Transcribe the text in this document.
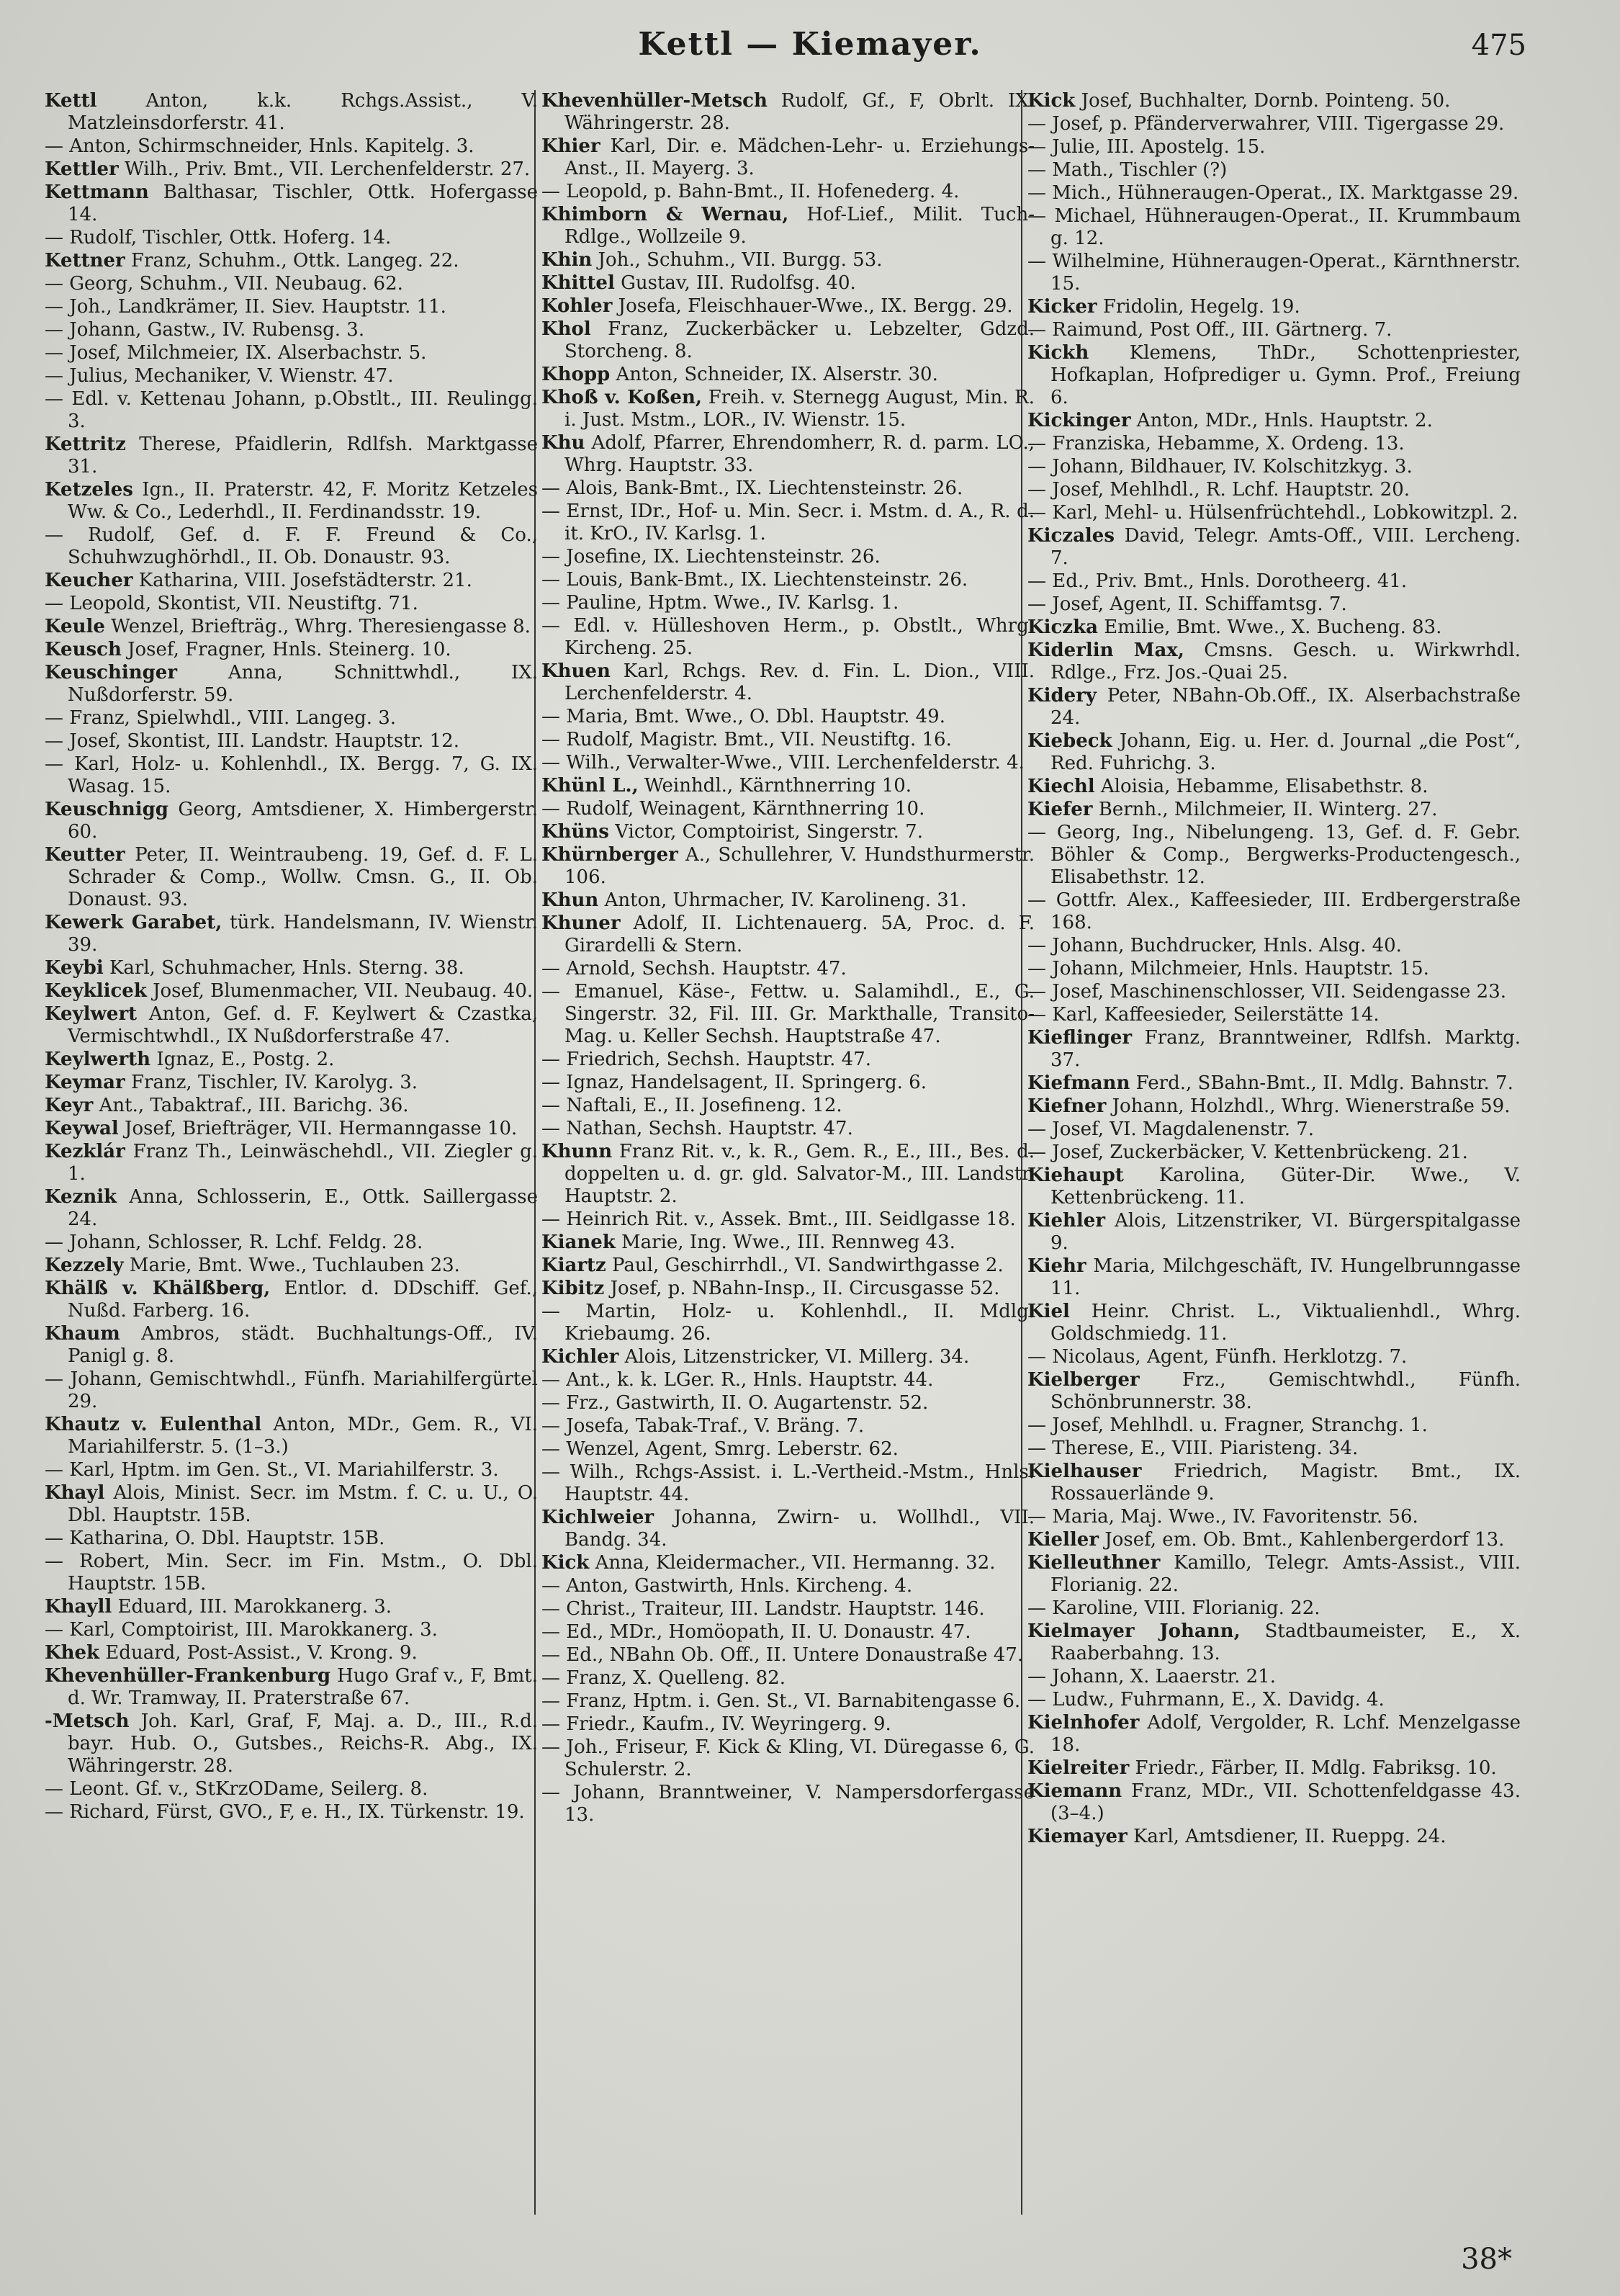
Kettl — Kiemayer.	475
Kettl Anton, k.k. Rchgs.Assist., V. Matzleinsdorferstr. 41.
— Anton, Schirmschneider, Hnls. Kapitelg. 3.
Kettler Wilh., Priv. Bmt., VII. Lerchenfelderstr. 27.
Kettmann Balthasar, Tischler, Ottk. Hofergasse 14.
— Rudolf, Tischler, Ottk. Hoferg. 14.
Kettner Franz, Schuhm., Ottk. Langeg. 22.
— Georg, Schuhm., VII. Neubaug. 62.
— Joh., Landkrämer, II. Siev. Hauptstr. 11.
— Johann, Gastw., IV. Rubensg. 3.
— Josef, Milchmeier, IX. Alserbachstr. 5.
— Julius, Mechaniker, V. Wienstr. 47.
— Edl. v. Kettenau Johann, p.Obstlt., III. Reulingg. 3.
Kettritz Therese, Pfaidlerin, Rdlfsh. Marktgasse 31.
Ketzeles Ign., II. Praterstr. 42, F. Moritz Ketzeles Ww. & Co., Lederhdl., II. Ferdinandsstr. 19.
— Rudolf, Gef. d. F. F. Freund & Co., Schuhwzughörhdl., II. Ob. Donaustr. 93.
Keucher Katharina, VIII. Josefstädterstr. 21.
— Leopold, Skontist, VII. Neustiftg. 71.
Keule Wenzel, Briefträg., Whrg. Theresiengasse 8.
Keusch Josef, Fragner, Hnls. Steinerg. 10.
Keuschinger Anna, Schnittwhdl., IX. Nußdorferstr. 59.
— Franz, Spielwhdl., VIII. Langeg. 3.
— Josef, Skontist, III. Landstr. Hauptstr. 12.
— Karl, Holz- u. Kohlenhdl., IX. Bergg. 7, G. IX. Wasag. 15.
Keuschnigg Georg, Amtsdiener, X. Himbergerstr. 60.
Keutter Peter, II. Weintraubeng. 19, Gef. d. F. L. Schrader & Comp., Wollw. Cmsn. G., II. Ob. Donaust. 93.
Kewerk Garabet, türk. Handelsmann, IV. Wienstr. 39.
Keybi Karl, Schuhmacher, Hnls. Sterng. 38.
Keyklicek Josef, Blumenmacher, VII. Neubaug. 40.
Keylwert Anton, Gef. d. F. Keylwert & Czastka, Vermischtwhdl., IX Nußdorferstraße 47.
Keylwerth Ignaz, E., Postg. 2.
Keymar Franz, Tischler, IV. Karolyg. 3.
Keyr Ant., Tabaktraf., III. Barichg. 36.
Keywal Josef, Briefträger, VII. Hermanngasse 10.
Kezklár Franz Th., Leinwäschehdl., VII. Ziegler g. 1.
Keznik Anna, Schlosserin, E., Ottk. Saillergasse 24.
— Johann, Schlosser, R. Lchf. Feldg. 28.
Kezzely Marie, Bmt. Wwe., Tuchlauben 23.
Khälß v. Khälßberg, Entlor. d. DDschiff. Gef., Nußd. Farberg. 16.
Khaum Ambros, städt. Buchhaltungs-Off., IV. Panigl g. 8.
— Johann, Gemischtwhdl., Fünfh. Mariahilfergürtel 29.
Khautz v. Eulenthal Anton, MDr., Gem. R., VI. Mariahilferstr. 5. (1–3.)
— Karl, Hptm. im Gen. St., VI. Mariahilferstr. 3.
Khayl Alois, Minist. Secr. im Mstm. f. C. u. U., O. Dbl. Hauptstr. 15B.
— Katharina, O. Dbl. Hauptstr. 15B.
— Robert, Min. Secr. im Fin. Mstm., O. Dbl. Hauptstr. 15B.
Khayll Eduard, III. Marokkanerg. 3.
— Karl, Comptoirist, III. Marokkanerg. 3.
Khek Eduard, Post-Assist., V. Krong. 9.
Khevenhüller-Frankenburg Hugo Graf v., F, Bmt. d. Wr. Tramway, II. Praterstraße 67.
-Metsch Joh. Karl, Graf, F, Maj. a. D., III., R.d. bayr. Hub. O., Gutsbes., Reichs-R. Abg., IX. Währingerstr. 28.
— Leont. Gf. v., StKrzODame, Seilerg. 8.
— Richard, Fürst, GVO., F, e. H., IX. Türkenstr. 19.
Khevenhüller-Metsch Rudolf, Gf., F, Obrlt. IX. Währingerstr. 28.
Khier Karl, Dir. e. Mädchen-Lehr- u. Erziehungs-Anst., II. Mayerg. 3.
— Leopold, p. Bahn-Bmt., II. Hofenederg. 4.
Khimborn & Wernau, Hof-Lief., Milit. Tuch-Rdlge., Wollzeile 9.
Khin Joh., Schuhm., VII. Burgg. 53.
Khittel Gustav, III. Rudolfsg. 40.
Kohler Josefa, Fleischhauer-Wwe., IX. Bergg. 29.
Khol Franz, Zuckerbäcker u. Lebzelter, Gdzd. Storcheng. 8.
Khopp Anton, Schneider, IX. Alserstr. 30.
Khoß v. Koßen, Freih. v. Sternegg August, Min. R. i. Just. Mstm., LOR., IV. Wienstr. 15.
Khu Adolf, Pfarrer, Ehrendomherr, R. d. parm. LO., Whrg. Hauptstr. 33.
— Alois, Bank-Bmt., IX. Liechtensteinstr. 26.
— Ernst, IDr., Hof- u. Min. Secr. i. Mstm. d. A., R. d. it. KrO., IV. Karlsg. 1.
— Josefine, IX. Liechtensteinstr. 26.
— Louis, Bank-Bmt., IX. Liechtensteinstr. 26.
— Pauline, Hptm. Wwe., IV. Karlsg. 1.
— Edl. v. Hülleshoven Herm., p. Obstlt., Whrg. Kircheng. 25.
Khuen Karl, Rchgs. Rev. d. Fin. L. Dion., VIII. Lerchenfelderstr. 4.
— Maria, Bmt. Wwe., O. Dbl. Hauptstr. 49.
— Rudolf, Magistr. Bmt., VII. Neustiftg. 16.
— Wilh., Verwalter-Wwe., VIII. Lerchenfelderstr. 4.
Khünl L., Weinhdl., Kärnthnerring 10.
— Rudolf, Weinagent, Kärnthnerring 10.
Khüns Victor, Comptoirist, Singerstr. 7.
Khürnberger A., Schullehrer, V. Hundsthurmerstr. 106.
Khun Anton, Uhrmacher, IV. Karolineng. 31.
Khuner Adolf, II. Lichtenauerg. 5A, Proc. d. F. Girardelli & Stern.
— Arnold, Sechsh. Hauptstr. 47.
— Emanuel, Käse-, Fettw. u. Salamihdl., E., G. Singerstr. 32, Fil. III. Gr. Markthalle, Transito-Mag. u. Keller Sechsh. Hauptstraße 47.
— Friedrich, Sechsh. Hauptstr. 47.
— Ignaz, Handelsagent, II. Springerg. 6.
— Naftali, E., II. Josefineng. 12.
— Nathan, Sechsh. Hauptstr. 47.
Khunn Franz Rit. v., k. R., Gem. R., E., III., Bes. d. doppelten u. d. gr. gld. Salvator-M., III. Landstr. Hauptstr. 2.
— Heinrich Rit. v., Assek. Bmt., III. Seidlgasse 18.
Kianek Marie, Ing. Wwe., III. Rennweg 43.
Kiartz Paul, Geschirrhdl., VI. Sandwirthgasse 2.
Kibitz Josef, p. NBahn-Insp., II. Circusgasse 52.
— Martin, Holz- u. Kohlenhdl., II. Mdlg. Kriebaumg. 26.
Kichler Alois, Litzenstricker, VI. Millerg. 34.
— Ant., k. k. LGer. R., Hnls. Hauptstr. 44.
— Frz., Gastwirth, II. O. Augartenstr. 52.
— Josefa, Tabak-Traf., V. Bräng. 7.
— Wenzel, Agent, Smrg. Leberstr. 62.
— Wilh., Rchgs-Assist. i. L.-Vertheid.-Mstm., Hnls. Hauptstr. 44.
Kichlweier Johanna, Zwirn- u. Wollhdl., VII. Bandg. 34.
Kick Anna, Kleidermacher., VII. Hermanng. 32.
— Anton, Gastwirth, Hnls. Kircheng. 4.
— Christ., Traiteur, III. Landstr. Hauptstr. 146.
— Ed., MDr., Homöopath, II. U. Donaustr. 47.
— Ed., NBahn Ob. Off., II. Untere Donaustraße 47.
— Franz, X. Quelleng. 82.
— Franz, Hptm. i. Gen. St., VI. Barnabitengasse 6.
— Friedr., Kaufm., IV. Weyringerg. 9.
— Joh., Friseur, F. Kick & Kling, VI. Düregasse 6, G. Schulerstr. 2.
— Johann, Branntweiner, V. Nampersdorfergasse 13.
Kick Josef, Buchhalter, Dornb. Pointeng. 50.
— Josef, p. Pfänderverwahrer, VIII. Tigergasse 29.
— Julie, III. Apostelg. 15.
— Math., Tischler (?)
— Mich., Hühneraugen-Operat., IX. Marktgasse 29.
— Michael, Hühneraugen-Operat., II. Krummbaum g. 12.
— Wilhelmine, Hühneraugen-Operat., Kärnthnerstr. 15.
Kicker Fridolin, Hegelg. 19.
— Raimund, Post Off., III. Gärtnerg. 7.
Kickh Klemens, ThDr., Schottenpriester, Hofkaplan, Hofprediger u. Gymn. Prof., Freiung 6.
Kickinger Anton, MDr., Hnls. Hauptstr. 2.
— Franziska, Hebamme, X. Ordeng. 13.
— Johann, Bildhauer, IV. Kolschitzkyg. 3.
— Josef, Mehlhdl., R. Lchf. Hauptstr. 20.
— Karl, Mehl- u. Hülsenfrüchtehdl., Lobkowitzpl. 2.
Kiczales David, Telegr. Amts-Off., VIII. Lercheng. 7.
— Ed., Priv. Bmt., Hnls. Dorotheerg. 41.
— Josef, Agent, II. Schiffamtsg. 7.
Kiczka Emilie, Bmt. Wwe., X. Bucheng. 83.
Kiderlin Max, Cmsns. Gesch. u. Wirkwrhdl. Rdlge., Frz. Jos.-Quai 25.
Kidery Peter, NBahn-Ob.Off., IX. Alserbachstraße 24.
Kiebeck Johann, Eig. u. Her. d. Journal „die Post“, Red. Fuhrichg. 3.
Kiechl Aloisia, Hebamme, Elisabethstr. 8.
Kiefer Bernh., Milchmeier, II. Winterg. 27.
— Georg, Ing., Nibelungeng. 13, Gef. d. F. Gebr. Böhler & Comp., Bergwerks-Productengesch., Elisabethstr. 12.
— Gottfr. Alex., Kaffeesieder, III. Erdbergerstraße 168.
— Johann, Buchdrucker, Hnls. Alsg. 40.
— Johann, Milchmeier, Hnls. Hauptstr. 15.
— Josef, Maschinenschlosser, VII. Seidengasse 23.
— Karl, Kaffeesieder, Seilerstätte 14.
Kieflinger Franz, Branntweiner, Rdlfsh. Marktg. 37.
Kiefmann Ferd., SBahn-Bmt., II. Mdlg. Bahnstr. 7.
Kiefner Johann, Holzhdl., Whrg. Wienerstraße 59.
— Josef, VI. Magdalenenstr. 7.
— Josef, Zuckerbäcker, V. Kettenbrückeng. 21.
Kiehaupt Karolina, Güter-Dir. Wwe., V. Kettenbrückeng. 11.
Kiehler Alois, Litzenstriker, VI. Bürgerspitalgasse 9.
Kiehr Maria, Milchgeschäft, IV. Hungelbrunngasse 11.
Kiel Heinr. Christ. L., Viktualienhdl., Whrg. Goldschmiedg. 11.
— Nicolaus, Agent, Fünfh. Herklotzg. 7.
Kielberger Frz., Gemischtwhdl., Fünfh. Schönbrunnerstr. 38.
— Josef, Mehlhdl. u. Fragner, Stranchg. 1.
— Therese, E., VIII. Piaristeng. 34.
Kielhauser Friedrich, Magistr. Bmt., IX. Rossauerlände 9.
— Maria, Maj. Wwe., IV. Favoritenstr. 56.
Kieller Josef, em. Ob. Bmt., Kahlenbergerdorf 13.
Kielleuthner Kamillo, Telegr. Amts-Assist., VIII. Florianig. 22.
— Karoline, VIII. Florianig. 22.
Kielmayer Johann, Stadtbaumeister, E., X. Raaberbahng. 13.
— Johann, X. Laaerstr. 21.
— Ludw., Fuhrmann, E., X. Davidg. 4.
Kielnhofer Adolf, Vergolder, R. Lchf. Menzelgasse 18.
Kielreiter Friedr., Färber, II. Mdlg. Fabriksg. 10.
Kiemann Franz, MDr., VII. Schottenfeldgasse 43. (3–4.)
Kiemayer Karl, Amtsdiener, II. Rueppg. 24.
38*
